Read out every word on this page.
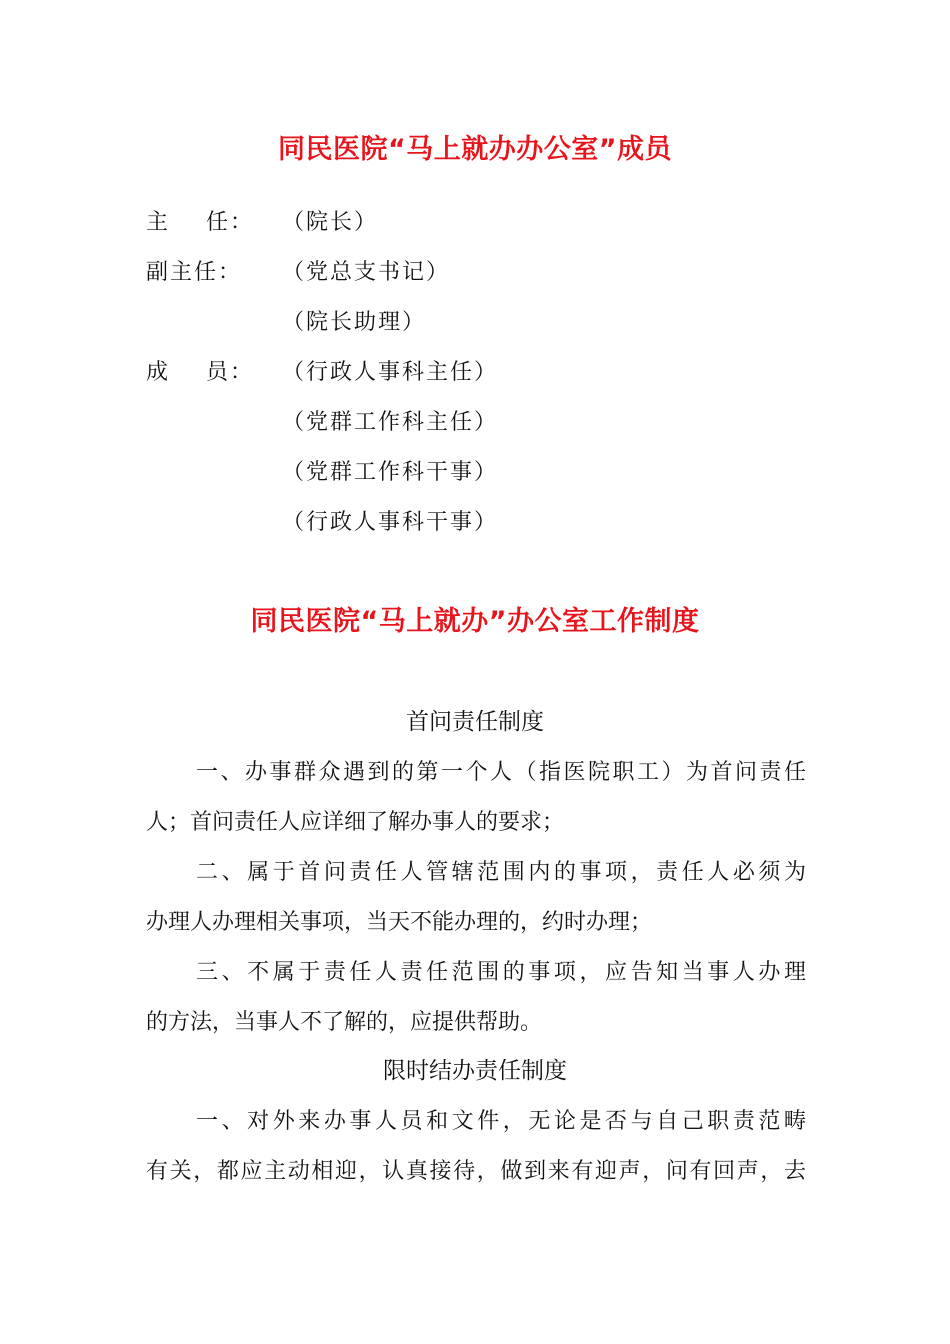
同民医院“马上就办办公室”成员
主    任： （院长）
副主任： （党总支书记）
（院长助理）
成    员： （行政人事科主任）
（党群工作科主任）
（党群工作科干事）
（行政人事科干事）
同民医院“马上就办”办公室工作制度
首问责任制度
一、办事群众遇到的第一个人（指医院职工）为首问责任
人；首问责任人应详细了解办事人的要求；
二、属于首问责任人管辖范围内的事项，责任人必须为
办理人办理相关事项，当天不能办理的，约时办理；
三、不属于责任人责任范围的事项，应告知当事人办理
的方法，当事人不了解的，应提供帮助。
限时结办责任制度
一、对外来办事人员和文件，无论是否与自己职责范畴
有关，都应主动相迎，认真接待，做到来有迎声，问有回声，去
